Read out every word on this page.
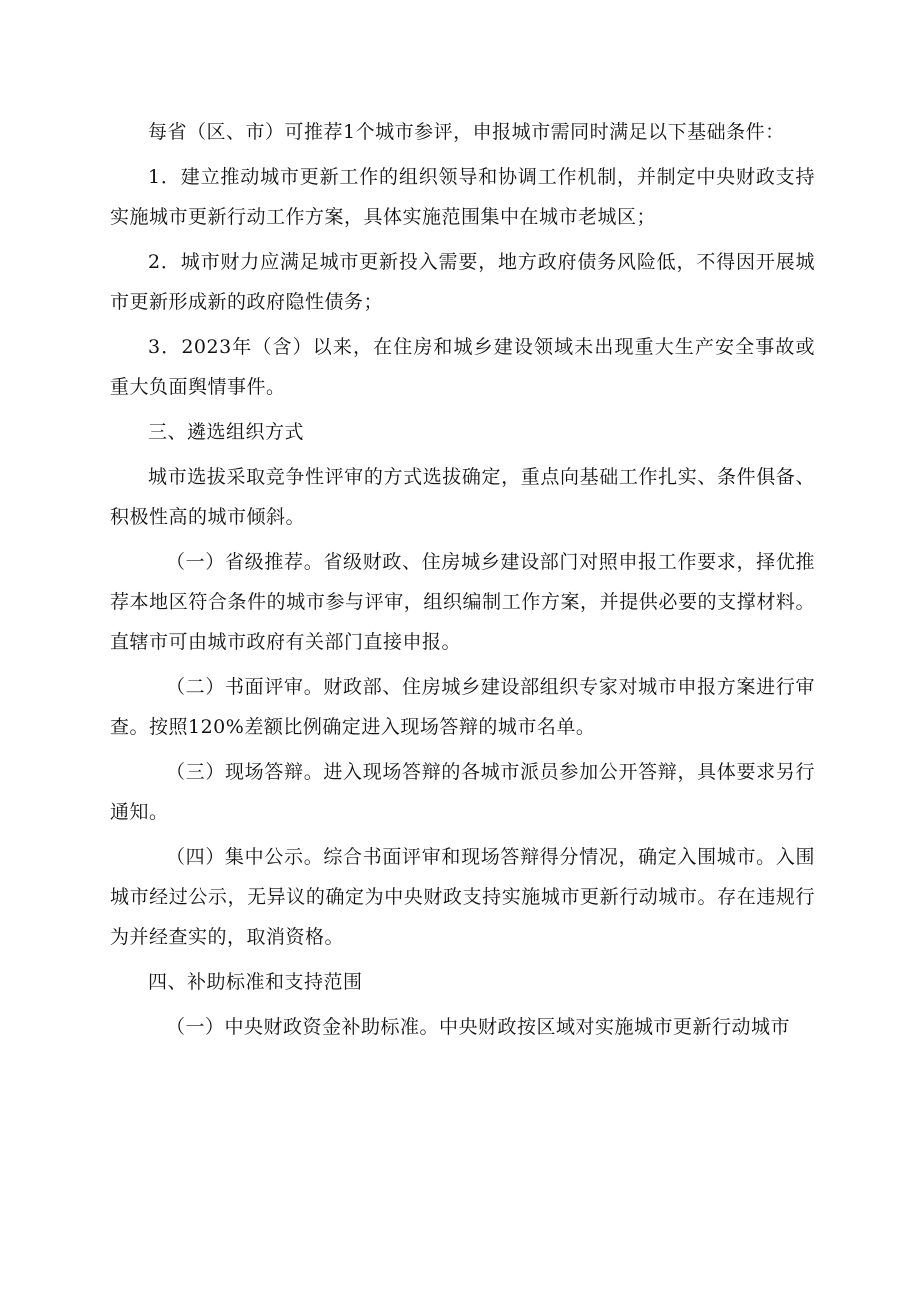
每省（区、市）可推荐1个城市参评，申报城市需同时满足以下基础条件：

1．建立推动城市更新工作的组织领导和协调工作机制，并制定中央财政支持实施城市更新行动工作方案，具体实施范围集中在城市老城区；

2．城市财力应满足城市更新投入需要，地方政府债务风险低，不得因开展城市更新形成新的政府隐性债务；

3．2023年（含）以来，在住房和城乡建设领域未出现重大生产安全事故或重大负面舆情事件。

三、遴选组织方式

城市选拔采取竞争性评审的方式选拔确定，重点向基础工作扎实、条件俱备、积极性高的城市倾斜。

（一）省级推荐。省级财政、住房城乡建设部门对照申报工作要求，择优推荐本地区符合条件的城市参与评审，组织编制工作方案，并提供必要的支撑材料。直辖市可由城市政府有关部门直接申报。

（二）书面评审。财政部、住房城乡建设部组织专家对城市申报方案进行审查。按照120%差额比例确定进入现场答辩的城市名单。

（三）现场答辩。进入现场答辩的各城市派员参加公开答辩，具体要求另行通知。

（四）集中公示。综合书面评审和现场答辩得分情况，确定入围城市。入围城市经过公示，无异议的确定为中央财政支持实施城市更新行动城市。存在违规行为并经查实的，取消资格。

四、补助标准和支持范围

（一）中央财政资金补助标准。中央财政按区域对实施城市更新行动城市
